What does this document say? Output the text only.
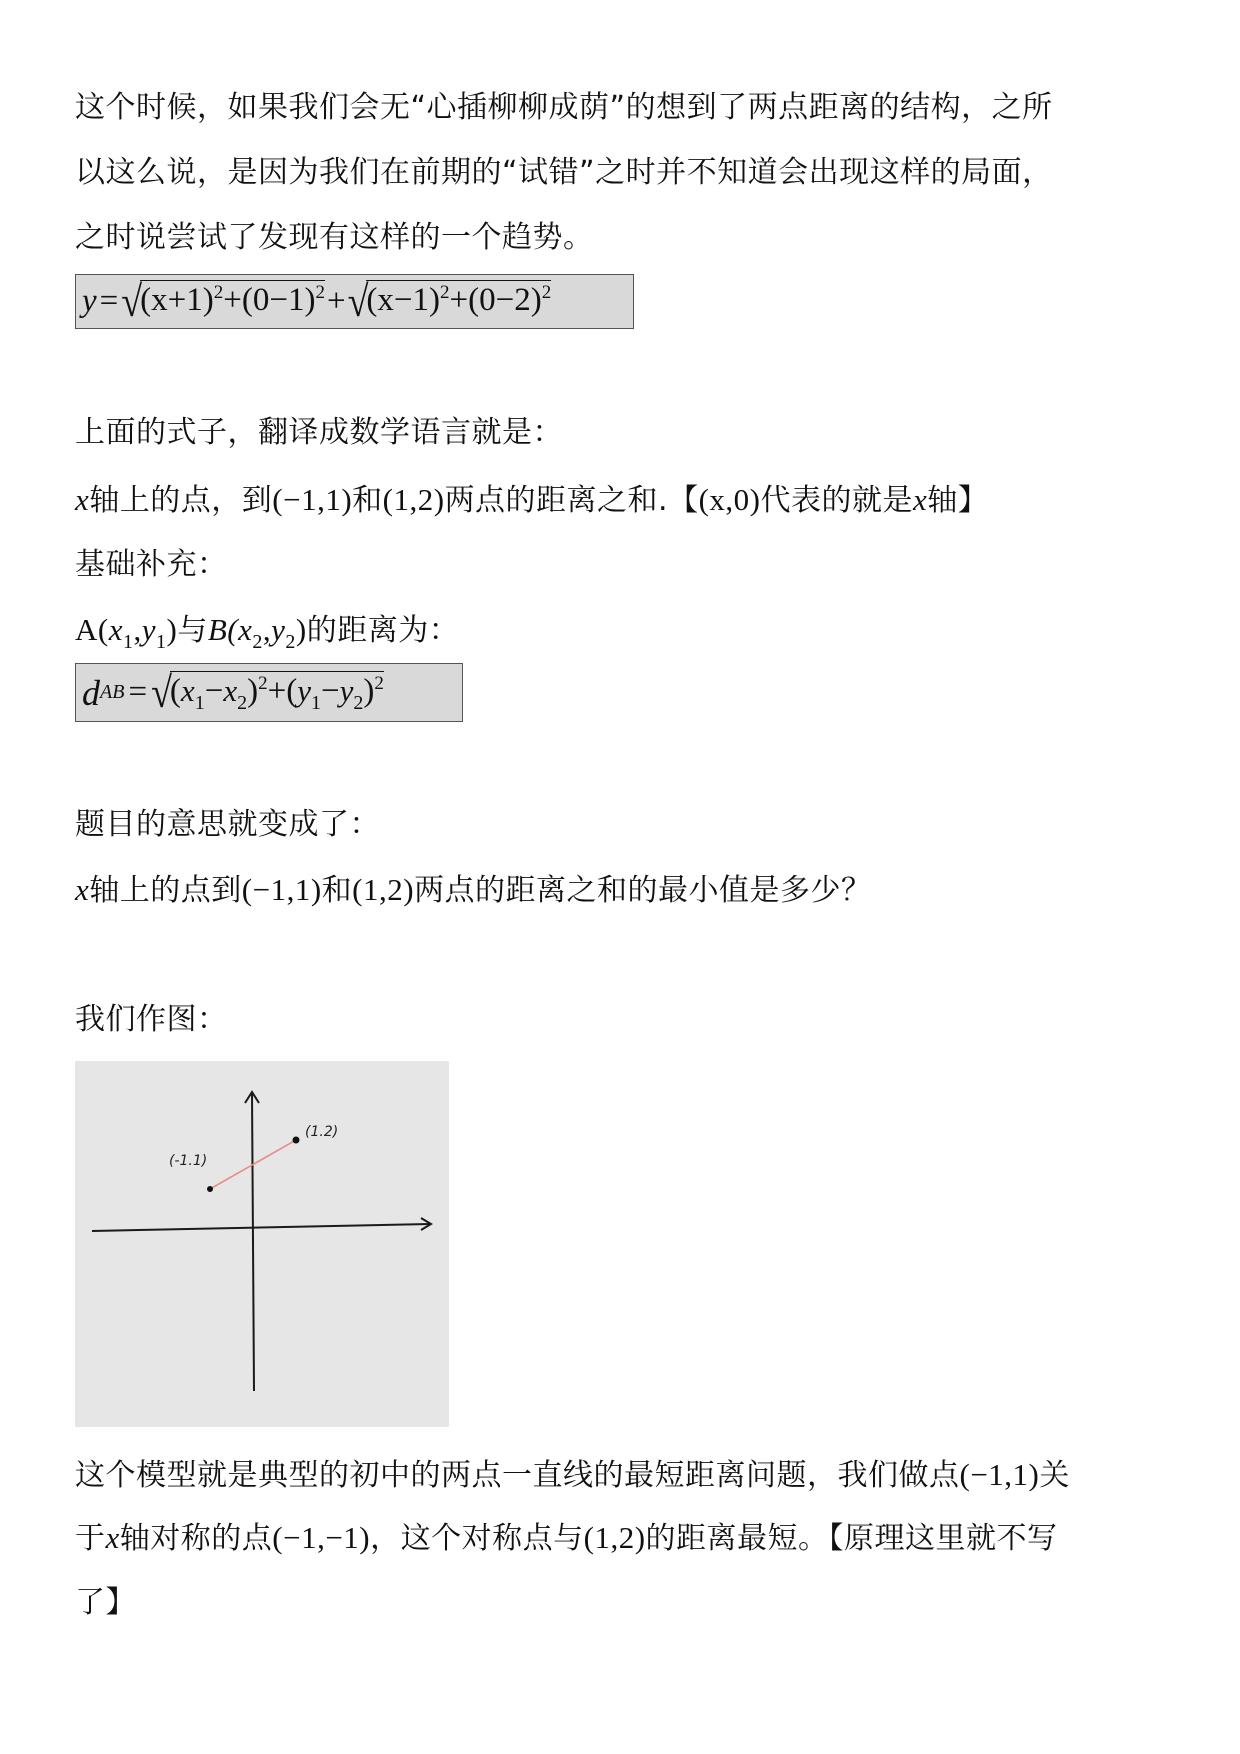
这个时候，如果我们会无“心插柳柳成荫”的想到了两点距离的结构，之所
以这么说，是因为我们在前期的“试错”之时并不知道会出现这样的局面，
之时说尝试了发现有这样的一个趋势。
y = √
$(x+1)^2+(0-1)^2$ + √
$(x-1)^2+(0-2)^2$
上面的式子，翻译成数学语言就是：
x轴上的点，到(−1,1)和(1,2)两点的距离之和.【(x,0)代表的就是x轴】
基础补充：
$A(x_1,y_1)$与$B(x_2,y_2)$的距离为：
d AB = √
$(x_1-x_2)^2+(y_1-y_2)^2$
题目的意思就变成了：
x轴上的点到(−1,1)和(1,2)两点的距离之和的最小值是多少？
我们作图：
(-1.1)
(1.2)
这个模型就是典型的初中的两点一直线的最短距离问题，我们做点(−1,1)关
于x轴对称的点(−1,−1)，这个对称点与(1,2)的距离最短。【原理这里就不写
了】
